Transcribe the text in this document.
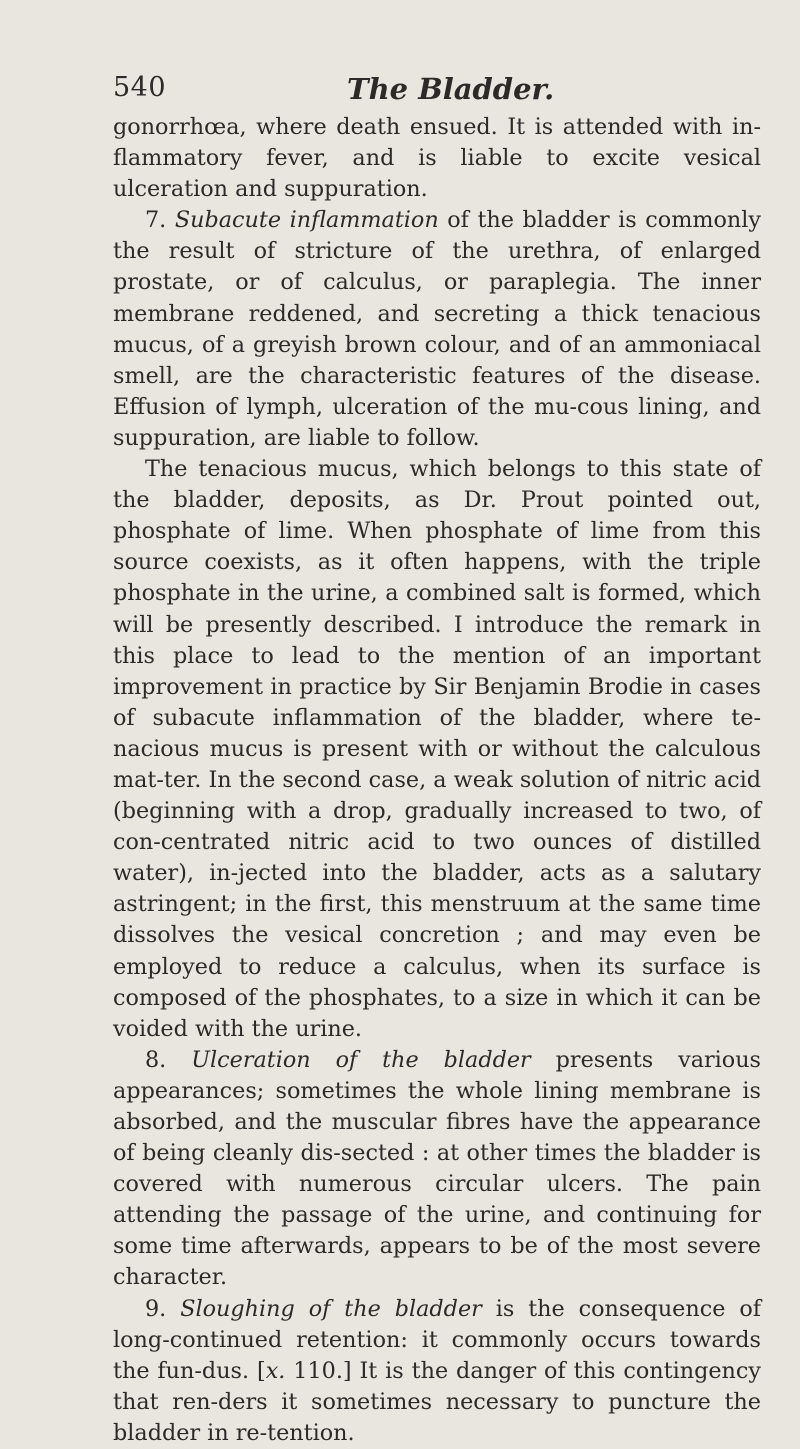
540	The Bladder.

gonorrhœa, where death ensued. It is attended with in-flammatory fever, and is liable to excite vesical ulceration and suppuration.

7. Subacute inflammation of the bladder is commonly the result of stricture of the urethra, of enlarged prostate, or of calculus, or paraplegia. The inner membrane reddened, and secreting a thick tenacious mucus, of a greyish brown colour, and of an ammoniacal smell, are the characteristic features of the disease. Effusion of lymph, ulceration of the mu-cous lining, and suppuration, are liable to follow.

The tenacious mucus, which belongs to this state of the bladder, deposits, as Dr. Prout pointed out, phosphate of lime. When phosphate of lime from this source coexists, as it often happens, with the triple phosphate in the urine, a combined salt is formed, which will be presently described. I introduce the remark in this place to lead to the mention of an important improvement in practice by Sir Benjamin Brodie in cases of subacute inflammation of the bladder, where te-nacious mucus is present with or without the calculous mat-ter. In the second case, a weak solution of nitric acid (beginning with a drop, gradually increased to two, of con-centrated nitric acid to two ounces of distilled water), in-jected into the bladder, acts as a salutary astringent; in the first, this menstruum at the same time dissolves the vesical concretion ; and may even be employed to reduce a calculus, when its surface is composed of the phosphates, to a size in which it can be voided with the urine.

8. Ulceration of the bladder presents various appearances; sometimes the whole lining membrane is absorbed, and the muscular fibres have the appearance of being cleanly dis-sected : at other times the bladder is covered with numerous circular ulcers. The pain attending the passage of the urine, and continuing for some time afterwards, appears to be of the most severe character.

9. Sloughing of the bladder is the consequence of long-continued retention: it commonly occurs towards the fun-dus. [x. 110.] It is the danger of this contingency that ren-ders it sometimes necessary to puncture the bladder in re-tention.
